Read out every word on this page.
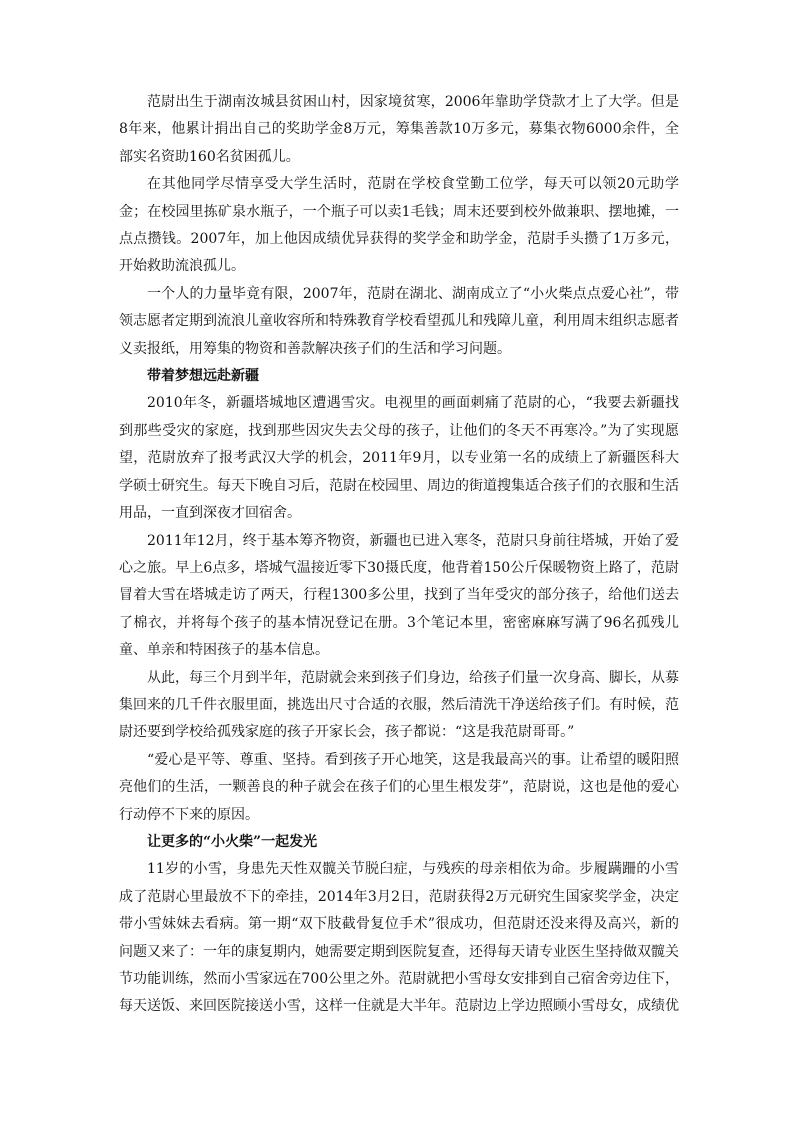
范尉出生于湖南汝城县贫困山村，因家境贫寒，2006年靠助学贷款才上了大学。但是8年来，他累计捐出自己的奖助学金8万元，筹集善款10万多元，募集衣物6000余件，全部实名资助160名贫困孤儿。

在其他同学尽情享受大学生活时，范尉在学校食堂勤工位学，每天可以领20元助学金；在校园里拣矿泉水瓶子，一个瓶子可以卖1毛钱；周末还要到校外做兼职、摆地摊，一点点攒钱。2007年，加上他因成绩优异获得的奖学金和助学金，范尉手头攒了1万多元，开始救助流浪孤儿。

一个人的力量毕竟有限，2007年，范尉在湖北、湖南成立了“小火柴点点爱心社”，带领志愿者定期到流浪儿童收容所和特殊教育学校看望孤儿和残障儿童，利用周末组织志愿者义卖报纸，用筹集的物资和善款解决孩子们的生活和学习问题。

带着梦想远赴新疆

2010年冬，新疆塔城地区遭遇雪灾。电视里的画面刺痛了范尉的心，“我要去新疆找到那些受灾的家庭，找到那些因灾失去父母的孩子，让他们的冬天不再寒冷。”为了实现愿望，范尉放弃了报考武汉大学的机会，2011年9月，以专业第一名的成绩上了新疆医科大学硕士研究生。每天下晚自习后，范尉在校园里、周边的街道搜集适合孩子们的衣服和生活用品，一直到深夜才回宿舍。

2011年12月，终于基本筹齐物资，新疆也已进入寒冬，范尉只身前往塔城，开始了爱心之旅。早上6点多，塔城气温接近零下30摄氏度，他背着150公斤保暖物资上路了，范尉冒着大雪在塔城走访了两天，行程1300多公里，找到了当年受灾的部分孩子，给他们送去了棉衣，并将每个孩子的基本情况登记在册。3个笔记本里，密密麻麻写满了96名孤残儿童、单亲和特困孩子的基本信息。

从此，每三个月到半年，范尉就会来到孩子们身边，给孩子们量一次身高、脚长，从募集回来的几千件衣服里面，挑选出尺寸合适的衣服，然后清洗干净送给孩子们。有时候，范尉还要到学校给孤残家庭的孩子开家长会，孩子都说：“这是我范尉哥哥。”

“爱心是平等、尊重、坚持。看到孩子开心地笑，这是我最高兴的事。让希望的暖阳照亮他们的生活，一颗善良的种子就会在孩子们的心里生根发芽”，范尉说，这也是他的爱心行动停不下来的原因。

让更多的“小火柴”一起发光

11岁的小雪，身患先天性双髋关节脱臼症，与残疾的母亲相依为命。步履蹒跚的小雪成了范尉心里最放不下的牵挂，2014年3月2日，范尉获得2万元研究生国家奖学金，决定带小雪妹妹去看病。第一期“双下肢截骨复位手术”很成功，但范尉还没来得及高兴，新的问题又来了：一年的康复期内，她需要定期到医院复查，还得每天请专业医生坚持做双髋关节功能训练，然而小雪家远在700公里之外。范尉就把小雪母女安排到自己宿舍旁边住下，每天送饭、来回医院接送小雪，这样一住就是大半年。范尉边上学边照顾小雪母女，成绩优
